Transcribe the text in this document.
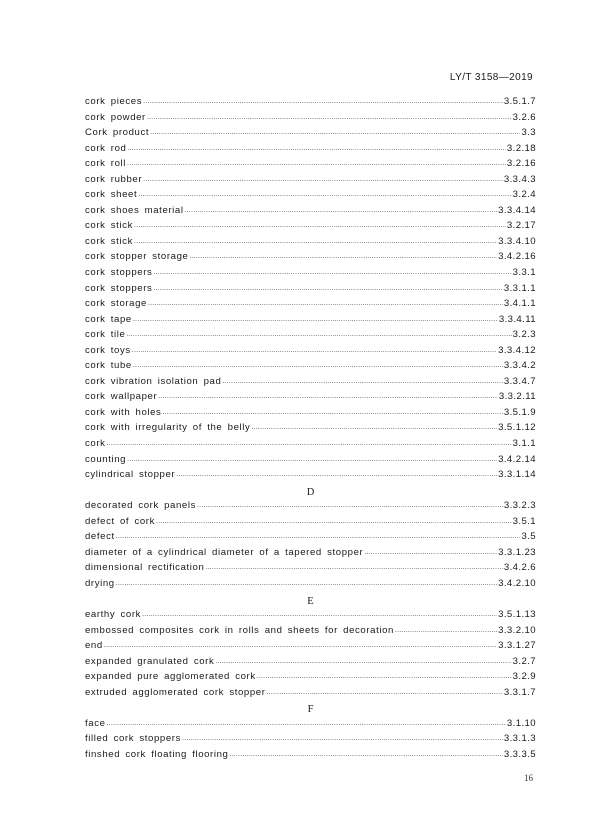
LY/T 3158—2019
cork pieces .....	3.5.1.7
cork powder .....	3.2.6
Cork product .....	3.3
cork rod .....	3.2.18
cork roll .....	3.2.16
cork rubber .....	3.3.4.3
cork sheet .....	3.2.4
cork shoes material .....	3.3.4.14
cork stick .....	3.2.17
cork stick .....	3.3.4.10
cork stopper storage .....	3.4.2.16
cork stoppers .....	3.3.1
cork stoppers .....	3.3.1.1
cork storage .....	3.4.1.1
cork tape .....	3.3.4.11
cork tile .....	3.2.3
cork toys .....	3.3.4.12
cork tube .....	3.3.4.2
cork vibration isolation pad .....	3.3.4.7
cork wallpaper .....	3.3.2.11
cork with holes .....	3.5.1.9
cork with irregularity of the belly .....	3.5.1.12
cork .....	3.1.1
counting .....	3.4.2.14
cylindrical stopper .....	3.3.1.14
D
decorated cork panels .....	3.3.2.3
defect of cork .....	3.5.1
defect .....	3.5
diameter of a cylindrical diameter of a tapered stopper .....	3.3.1.23
dimensional rectification .....	3.4.2.6
drying .....	3.4.2.10
E
earthy cork .....	3.5.1.13
embossed composites cork in rolls and sheets for decoration .....	3.3.2.10
end .....	3.3.1.27
expanded granulated cork .....	3.2.7
expanded pure agglomerated cork .....	3.2.9
extruded agglomerated cork stopper .....	3.3.1.7
F
face .....	3.1.10
filled cork stoppers .....	3.3.1.3
finshed cork floating flooring .....	3.3.3.5
16
